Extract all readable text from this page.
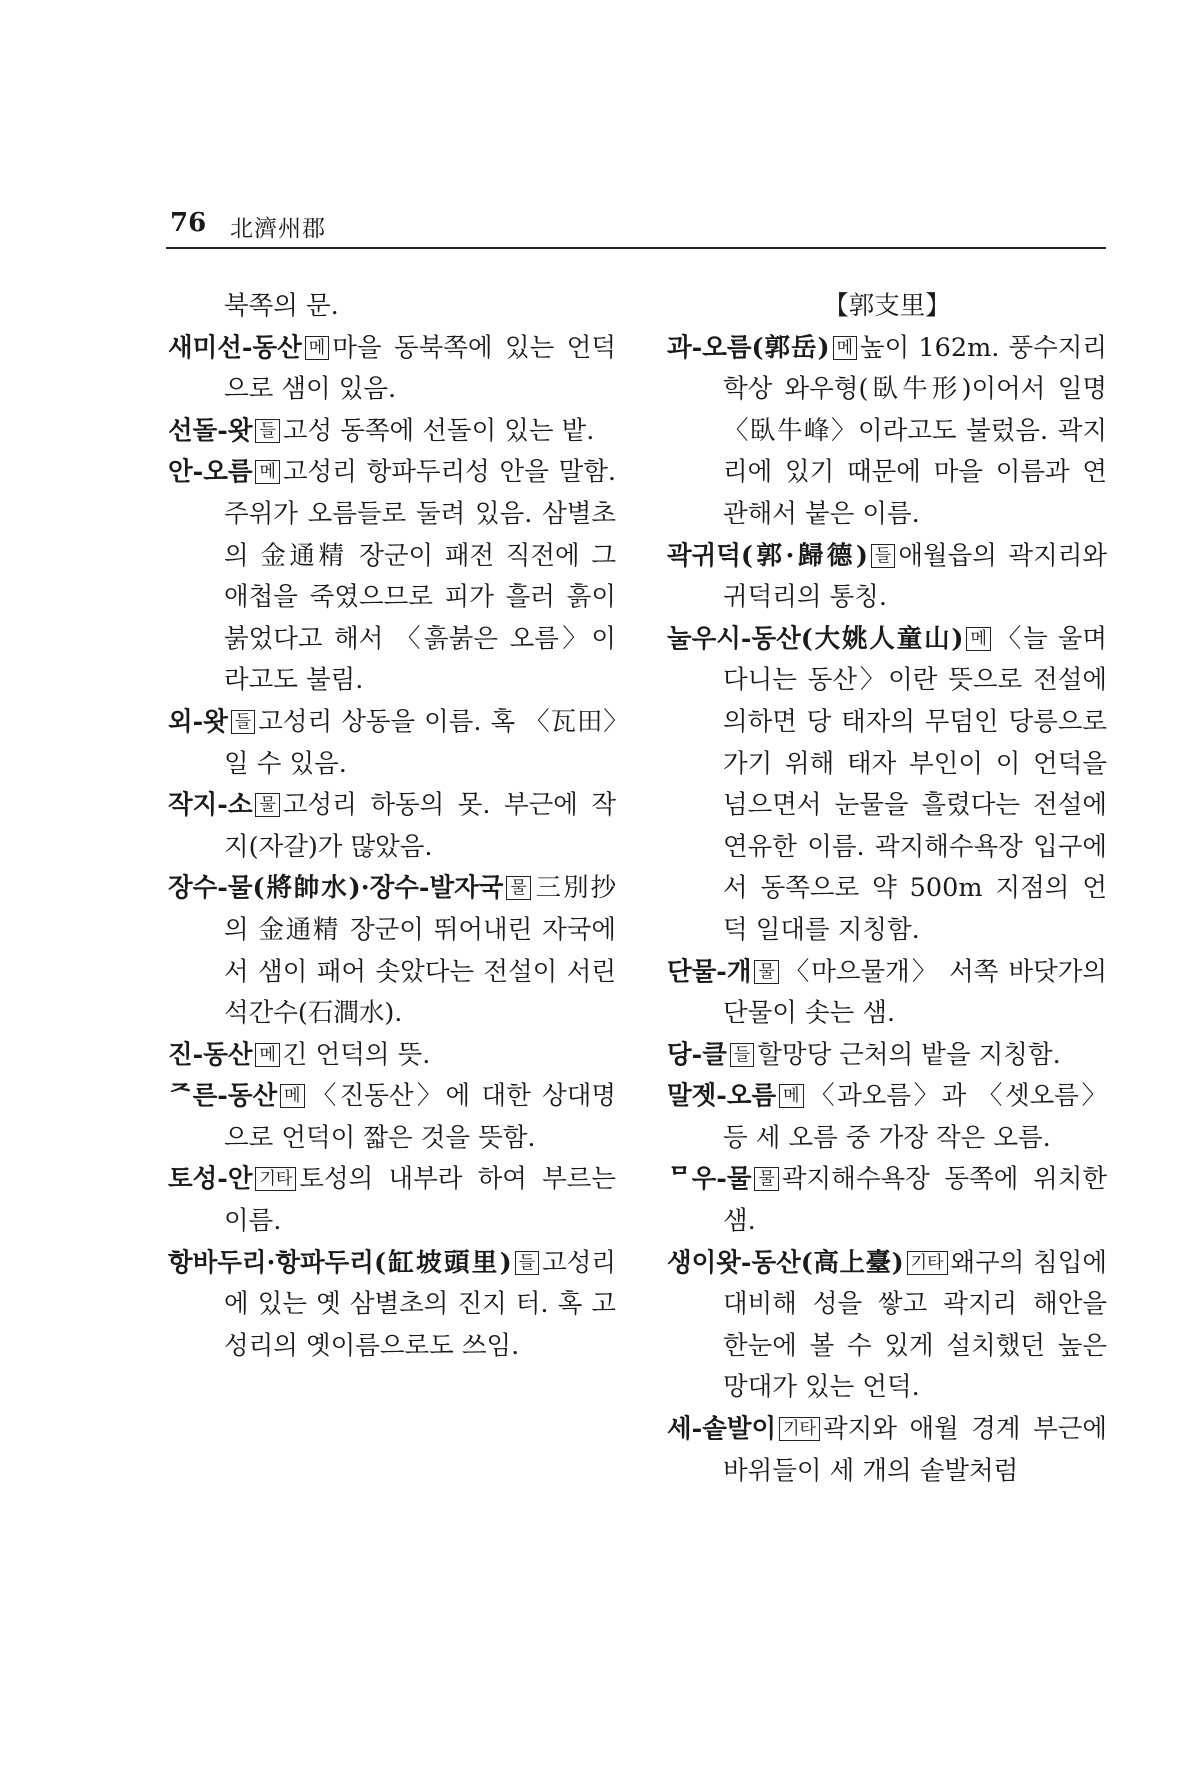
76 北濟州郡

북쪽의 문.

새미선-동산 메 마을 동북쪽에 있는 언덕으로 샘이 있음.

선돌-왓 들 고성 동쪽에 선돌이 있는 밭.

안-오름 메 고성리 항파두리성 안을 말함. 주위가 오름들로 둘려 있음. 삼별초의 金通精 장군이 패전 직전에 그 애첩을 죽였으므로 피가 흘러 흙이 붉었다고 해서 〈흙붉은 오름〉이라고도 불림.

외-왓 들 고성리 상동을 이름. 혹 〈瓦田〉일 수 있음.

작지-소 물 고성리 하동의 못. 부근에 작지(자갈)가 많았음.

장수-물(將帥水)·장수-발자국 물 三別抄의 金通精 장군이 뛰어내린 자국에서 샘이 패어 솟았다는 전설이 서린 석간수(石澗水).

진-동산 메 긴 언덕의 뜻.

ᄌ른-동산 메 〈진동산〉에 대한 상대명으로 언덕이 짧은 것을 뜻함.

토성-안 기타 토성의 내부라 하여 부르는 이름.

항바두리·항파두리(缸坡頭里) 들 고성리에 있는 옛 삼별초의 진지 터. 혹 고성리의 옛이름으로도 쓰임.

【郭支里】

과-오름(郭岳) 메 높이 162m. 풍수지리학상 와우형(臥牛形)이어서 일명 〈臥牛峰〉이라고도 불렀음. 곽지리에 있기 때문에 마을 이름과 연관해서 붙은 이름.

곽귀덕(郭·歸德) 들 애월읍의 곽지리와 귀덕리의 통칭.

눌우시-동산(大姚人童山) 메 〈늘 울며 다니는 동산〉이란 뜻으로 전설에 의하면 당 태자의 무덤인 당릉으로 가기 위해 태자 부인이 이 언덕을 넘으면서 눈물을 흘렸다는 전설에 연유한 이름. 곽지해수욕장 입구에서 동쪽으로 약 500m 지점의 언덕 일대를 지칭함.

단물-개 물 〈마으물개〉 서쪽 바닷가의 단물이 솟는 샘.

당-클 들 할망당 근처의 밭을 지칭함.

말젯-오름 메 〈과오름〉과 〈셋오름〉 등 세 오름 중 가장 작은 오름.

ᄆ우-물 물 곽지해수욕장 동쪽에 위치한 샘.

생이왓-동산(高上臺) 기타 왜구의 침입에 대비해 성을 쌓고 곽지리 해안을 한눈에 볼 수 있게 설치했던 높은 망대가 있는 언덕.

세-솥발이 기타 곽지와 애월 경계 부근에 바위들이 세 개의 솥발처럼
